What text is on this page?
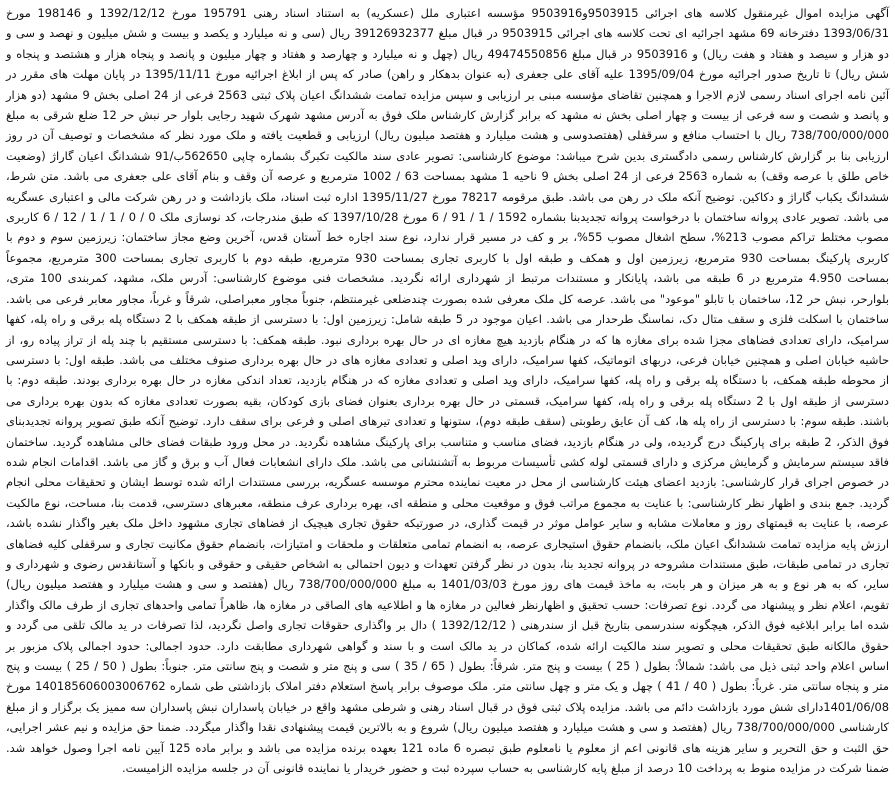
آگهی مزایده اموال غیرمنقول کلاسه های اجرائی 9503915و9503916 مؤسسه اعتباری ملل (عسکریه) به استناد اسناد رهنی 195791 مورخ 1392/12/12 و 198146 مورخ 1393/06/31 دفترخانه 69 مشهد اجرائیه ای تحت کلاسه های اجرائی 9503915 در قبال مبلغ 39126932377 ریال (سی و نه میلیارد و یکصد و بیست و شش میلیون و نهصد و سی و دو هزار و سیصد و هفتاد و هفت ریال) و 9503916 در قبال مبلغ 49474550856 ریال (چهل و نه میلیارد و چهارصد و هفتاد و چهار میلیون و پانصد و پنجاه هزار و هشتصد و پنجاه و شش ریال) تا تاریخ صدور اجرائیه مورخ 1395/09/04 علیه آقای علی جعفری (به عنوان بدهکار و راهن) صادر که پس از ابلاغ اجرائیه مورخ 1395/11/11 در پایان مهلت های مقرر در آئین نامه اجرای اسناد رسمی لازم الاجرا و همچنین تقاضای مؤسسه مبنی بر ارزیابی و سپس مزایده تمامت ششدانگ اعیان پلاک ثبتی 2563 فرعی از 24 اصلی بخش 9 مشهد (دو هزار و پانصد و شصت و سه فرعی از بیست و چهار اصلی بخش نه مشهد که برابر گزارش کارشناس ملک فوق به آدرس مشهد شهرک شهید رجایی بلوار حر نبش حر 12 ضلع شرقی به مبلغ 738/700/000/000 ریال با احتساب منافع و سرقفلی (هفتصدوسی و هشت میلیارد و هفتصد میلیون ریال) ارزیابی و قطعیت یافته و ملک مورد نظر که مشخصات و توصیف آن در روز ارزیابی بنا بر گزارش کارشناس رسمی دادگستری بدین شرح میباشد: موضوع کارشناسی: تصویر عادی سند مالکیت تکبرگ بشماره چاپی 562650ب/91 ششدانگ اعیان گاراژ (وضعیت خاص طلق با عرصه وقف) به شماره 2563 فرعی از 24 اصلی بخش 9 ناحیه 1 مشهد بمساحت 63 / 1002 مترمربع و عرصه آن وقف و بنام آقای علی جعفری می باشد. متن شرط، ششدانگ یکباب گاراژ و دکاکین. توضیح آنکه ملک در رهن می باشد. طبق مرقومه 78217 مورخ 1395/11/27 اداره ثبت اسناد، ملک بازداشت و در رهن شرکت مالی و اعتباری عسگریه می باشد. تصویر عادی پروانه ساختمان با درخواست پروانه تجدیدبنا بشماره 1592 / 1 / 91 / 6 مورخ 1397/10/28 که طبق مندرجات، کد نوسازی ملک 0 / 0 / 1 / 1 / 12 / 6 کاربری مصوب مختلط تراکم مصوب 213%، سطح اشغال مصوب 55%، بر و کف در مسیر قرار ندارد، نوع سند اجاره خط آستان قدس، آخرین وضع مجاز ساختمان: زیرزمین سوم و دوم با کاربری پارکینگ بمساحت 930 مترمربع، زیرزمین اول و همکف و طبقه اول با کاربری تجاری بمساحت 930 مترمربع، طبقه دوم با کاربری تجاری بمساحت 300 مترمربع، مجموعاً بمساحت 4.950 مترمربع در 6 طبقه می باشد، پایانکار و مستندات مرتبط از شهرداری ارائه نگردید. مشخصات فنی موضوع کارشناسی: آدرس ملک، مشهد، کمربندی 100 متری، بلوارحر، نبش حر 12، ساختمان با تابلو "موعود" می باشد. عرصه کل ملک معرفی شده بصورت چندضلعی غیرمنتظم، جنوباً مجاور معبراصلی، شرقاً و غرباً، مجاور معابر فرعی می باشد. ساختمان با اسکلت فلزی و سقف متال دک، نماسنگ طرحدار می باشد. اعیان موجود در 5 طبقه شامل: زیرزمین اول: با دسترسی از طبقه همکف با 2 دستگاه پله برقی و راه پله، کفها سرامیک، دارای تعدادی فضاهای مجزا شده برای مغازه ها که در هنگام بازدید هیچ مغازه ای در حال بهره برداری نبود. طبقه همکف: با دسترسی مستقیم با چند پله از تراز پیاده رو، از حاشیه خیابان اصلی و همچنین خیابان فرعی، دربهای اتوماتیک، کفها سرامیک، دارای وید اصلی و تعدادی مغازه های در حال بهره برداری صنوف مختلف می باشد. طبقه اول: با دسترسی از محوطه طبقه همکف، با دستگاه پله برقی و راه پله، کفها سرامیک، دارای وید اصلی و تعدادی مغازه که در هنگام بازدید، تعداد اندکی مغازه در حال بهره برداری بودند. طبقه دوم: با دسترسی از طبقه اول با 2 دستگاه پله برقی و راه پله، کفها سرامیک، قسمتی در حال بهره برداری بعنوان فضای بازی کودکان، بقیه بصورت تعدادی مغازه که بدون بهره برداری می باشند. طبقه سوم: با دسترسی از راه پله ها، کف آن عایق رطوبتی (سقف طبقه دوم)، ستونها و تعدادی تیرهای اصلی و فرعی برای سقف دارد. توضیح آنکه طبق تصویر پروانه تجدیدبنای فوق الذکر، 2 طبقه برای پارکینگ درج گردیده، ولی در هنگام بازدید، فضای مناسب و متناسب برای پارکینگ مشاهده نگردید. در محل ورود طبقات فضای خالی مشاهده گردید. ساختمان فاقد سیستم سرمایش و گرمایش مرکزی و دارای قسمتی لوله کشی تأسیسات مربوط به آتشنشانی می باشد. ملک دارای انشعابات فعال آب و برق و گاز می باشد. اقدامات انجام شده در خصوص اجرای قرار کارشناسی: بازدید اعضای هیئت کارشناسی از محل در معیت نماینده محترم موسسه عسگریه، بررسی مستندات ارائه شده توسط ایشان و تحقیقات محلی انجام گردید. جمع بندی و اظهار نظر کارشناسی: با عنایت به مجموع مراتب فوق و موقعیت محلی و منطقه ای، بهره برداری عرف منطقه، معبرهای دسترسی، قدمت بنا، مساحت، نوع مالکیت عرصه، با عنایت به قیمتهای روز و معاملات مشابه و سایر عوامل موثر در قیمت گذاری، در صورتیکه حقوق تجاری هیچیک از فضاهای تجاری مشهود داخل ملک بغیر واگذار نشده باشد، ارزش پایه مزایده تمامت ششدانگ اعیان ملک، بانضمام حقوق استیجاری عرصه، به انضمام تمامی متعلقات و ملحقات و امتیازات، بانضمام حقوق مکانیت تجاری و سرقفلی کلیه فضاهای تجاری در تمامی طبقات، طبق مستندات مشروحه در پروانه تجدید بنا، بدون در نظر گرفتن تعهدات و دیون احتمالی به اشخاص حقیقی و حقوقی و بانکها و آستانقدس رضوی و شهرداری و سایر، که به هر نوع و به هر میزان و هر بابت، به ماخذ قیمت های روز مورخ 1401/03/03 به مبلغ 738/700/000/000 ریال (هفتصد و سی و هشت میلیارد و هفتصد میلیون ریال) تقویم، اعلام نظر و پیشنهاد می گردد. نوع تصرفات: حسب تحقیق و اظهارنظر فعالین در مغازه ها و اطلاعیه های الصاقی در مغازه ها، ظاهراً تمامی واحدهای تجاری از طرف مالک واگذار شده اما برابر ابلاغیه فوق الذکر، هیچگونه سندرسمی بتاریخ قبل از سندرهنی ( 1392/12/12 ) دال بر واگذاری حقوقات تجاری واصل نگردید، لذا تصرفات در ید مالک تلقی می گردد و حقوق مالکانه طبق تحقیقات محلی و تصویر سند مالکیت ارائه شده، کماکان در ید مالک است و با سند و گواهی شهرداری مطابقت دارد. حدود اجمالی: حدود اجمالی پلاک مزبور بر اساس اعلام واحد ثبتی ذیل می باشد: شمالاً: بطول ( 25 ) بیست و پنج متر. شرقاً: بطول ( 65 / 35 ) سی و پنج متر و شصت و پنج سانتی متر. جنوباً: بطول ( 50 / 25 ) بیست و پنج متر و پنجاه سانتی متر. غرباً: بطول ( 40 / 41 ) چهل و یک متر و چهل سانتی متر. ملک موصوف برابر پاسخ استعلام دفتر املاک بازداشتی طی شماره 140185606003006762 مورخ 1401/06/08دارای شش مورد بازداشت دائم می باشد. مزایده پلاک ثبتی فوق در قبال اسناد رهنی و شرطی مشهد واقع در خیابان پاسداران نبش پاسداران سه ممیز یک برگزار و از مبلغ کارشناسی 738/700/000/000 ریال (هفتصد و سی و هشت میلیارد و هفتصد میلیون ریال) شروع و به بالاترین قیمت پیشنهادی نقدا واگذار میگردد. ضمنا حق مزایده و نیم عشر اجرایی، حق الثبت و حق التحریر و سایر هزینه های قانونی اعم از معلوم یا نامعلوم طبق تبصره 6 ماده 121 بعهده برنده مزایده می باشد و برابر ماده 125 آیین نامه اجرا وصول خواهد شد. ضمنا شرکت در مزایده منوط به پرداخت 10 درصد از مبلغ پایه کارشناسی به حساب سپرده ثبت و حضور خریدار یا نماینده قانونی آن در جلسه مزایده الزامیست.
